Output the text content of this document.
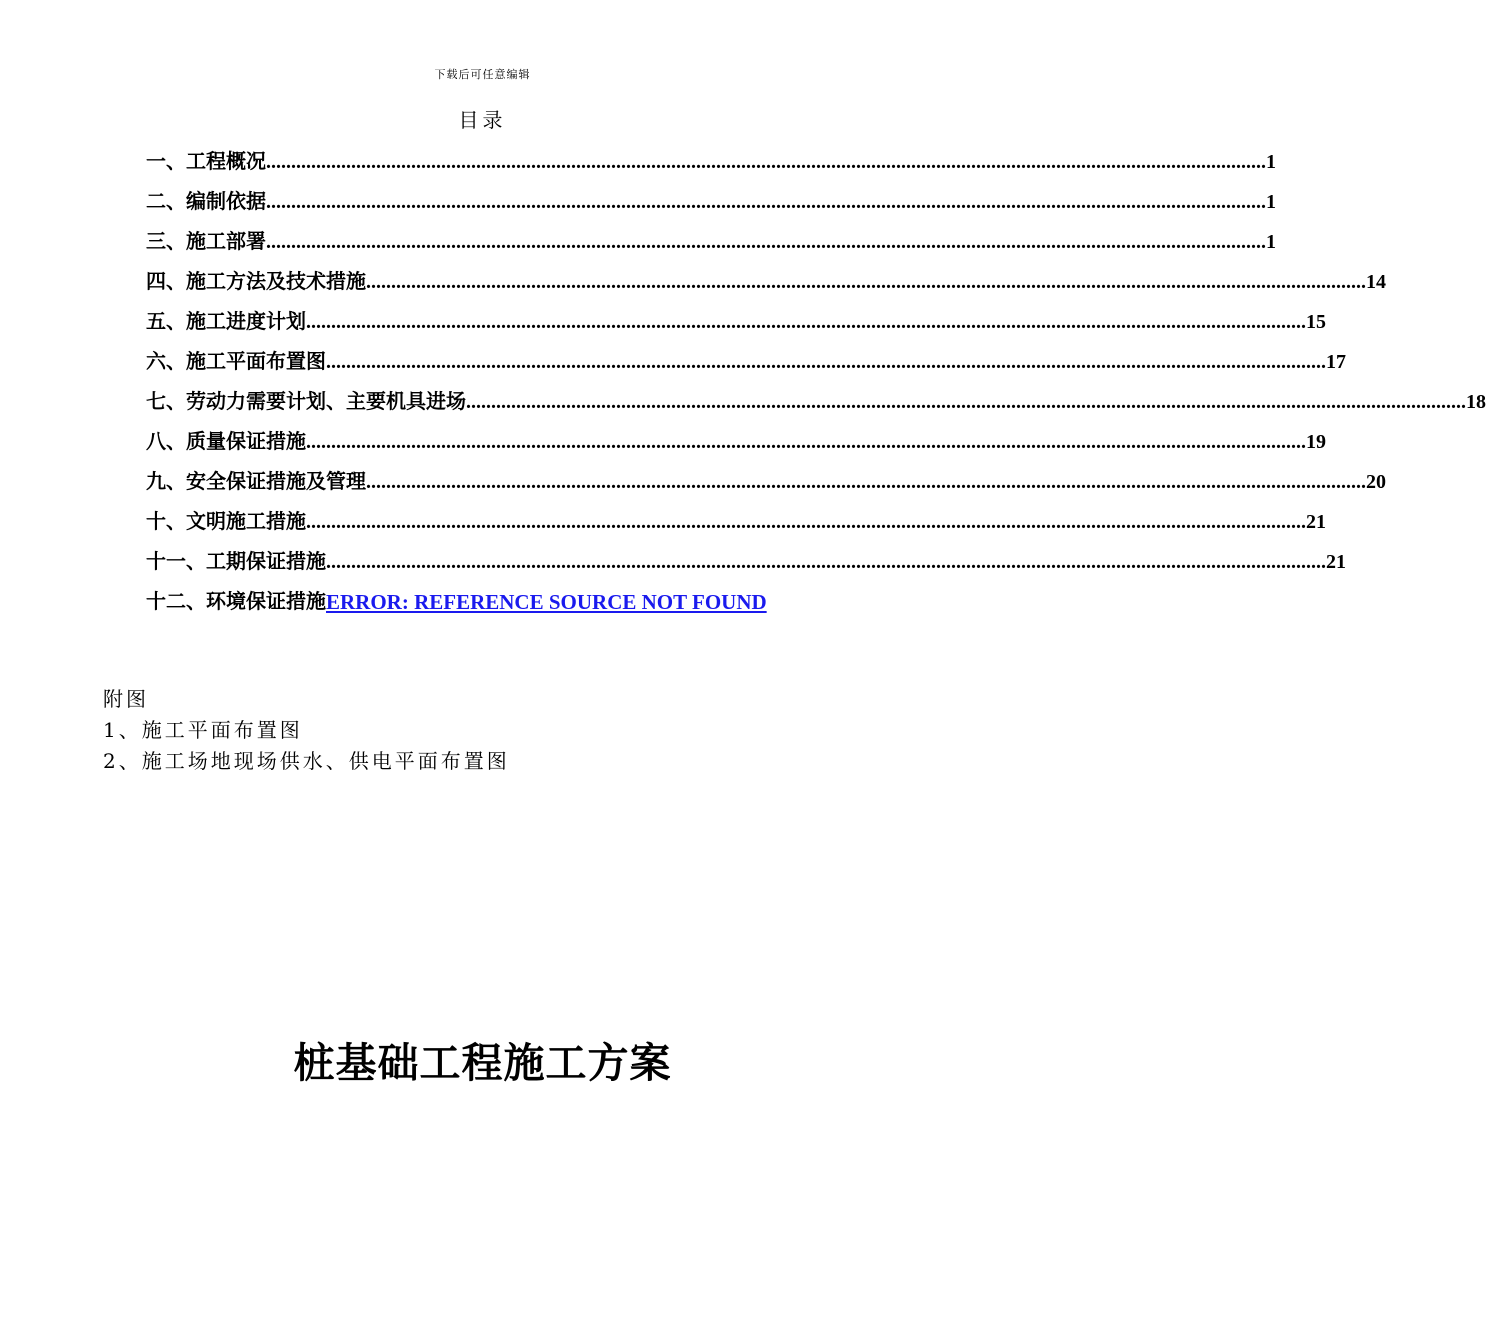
下载后可任意编辑
目录
一、工程概况 ........................................................................................................................................................................................................ 1
二、编制依据 ........................................................................................................................................................................................................ 1
三、施工部署 ........................................................................................................................................................................................................ 1
四、施工方法及技术措施 ........................................................................................................................................................................................................ 14
五、施工进度计划 ........................................................................................................................................................................................................ 15
六、施工平面布置图 ........................................................................................................................................................................................................ 17
七、劳动力需要计划、主要机具进场 ........................................................................................................................................................................................................ 18
八、质量保证措施 ........................................................................................................................................................................................................ 19
九、安全保证措施及管理 ........................................................................................................................................................................................................ 20
十、文明施工措施 ........................................................................................................................................................................................................ 21
十一、工期保证措施 ........................................................................................................................................................................................................ 21
十二、环境保证措施 ERROR: REFERENCE SOURCE NOT FOUND
附图
1、施工平面布置图
2、施工场地现场供水、供电平面布置图
桩基础工程施工方案
